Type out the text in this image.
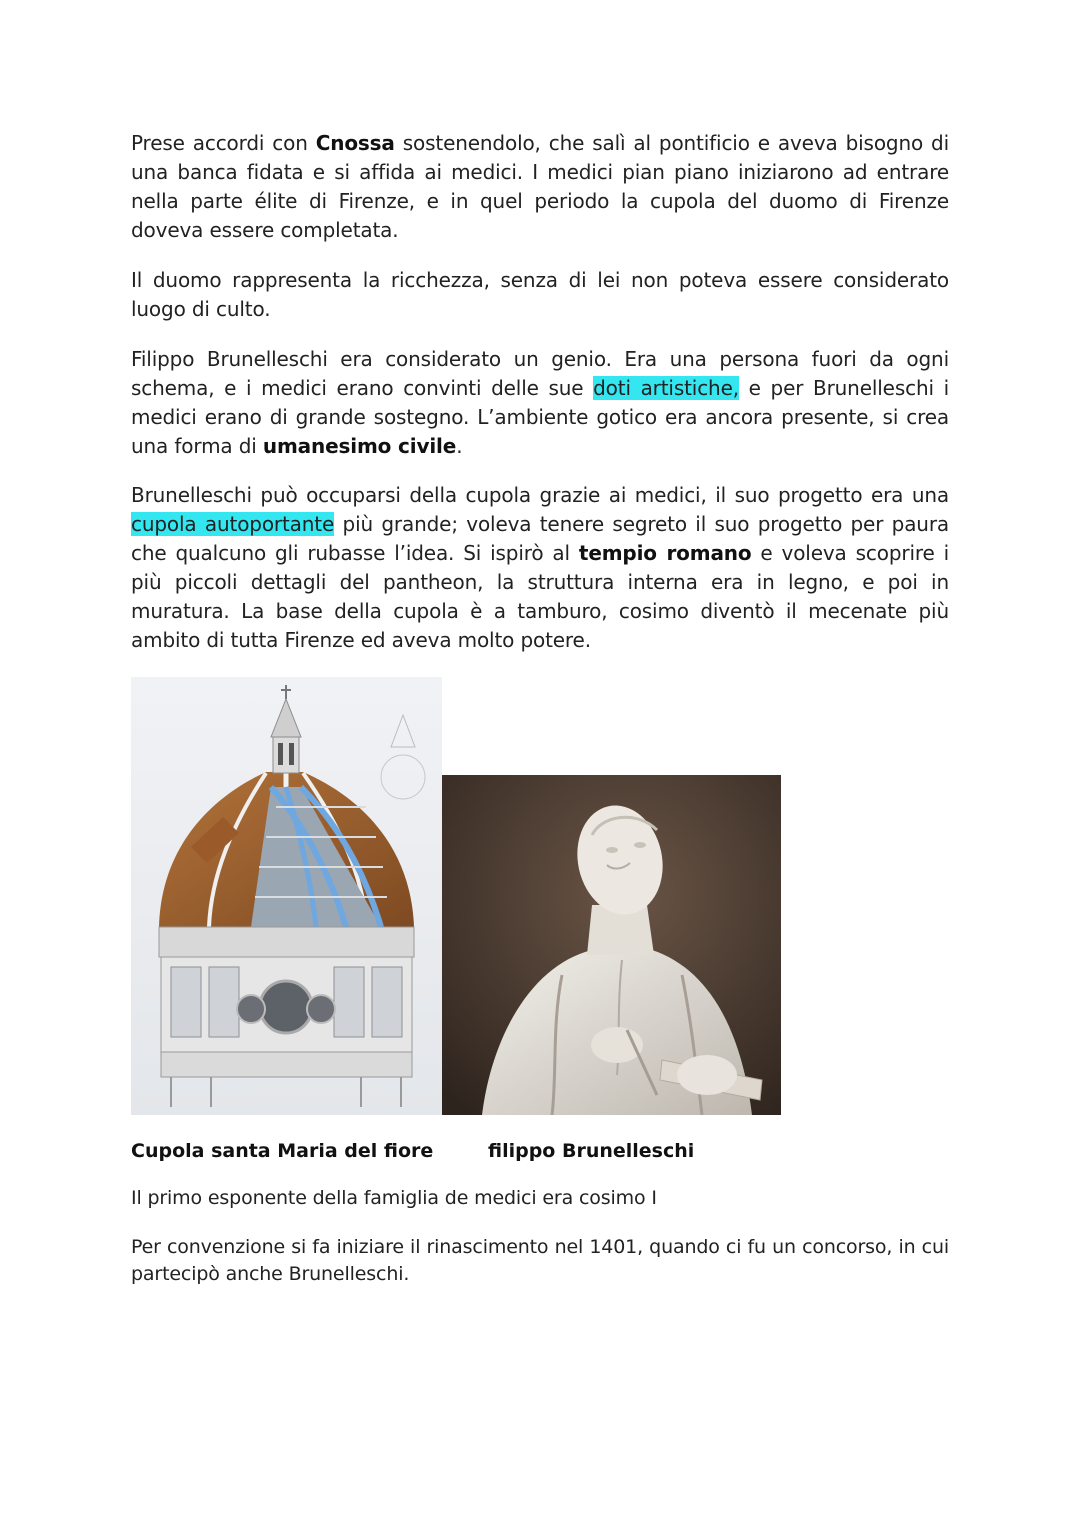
Prese accordi con Cnossa sostenendolo, che salì al pontificio e aveva bisogno di una banca fidata e si affida ai medici. I medici pian piano iniziarono ad entrare nella parte élite di Firenze, e in quel periodo la cupola del duomo di Firenze doveva essere completata.

Il duomo rappresenta la ricchezza, senza di lei non poteva essere considerato luogo di culto.

Filippo Brunelleschi era considerato un genio. Era una persona fuori da ogni schema, e i medici erano convinti delle sue doti artistiche, e per Brunelleschi i medici erano di grande sostegno. L’ambiente gotico era ancora presente, si crea una forma di umanesimo civile.

Brunelleschi può occuparsi della cupola grazie ai medici, il suo progetto era una cupola autoportante più grande; voleva tenere segreto il suo progetto per paura che qualcuno gli rubasse l’idea. Si ispirò al tempio romano e voleva scoprire i più piccoli dettagli del pantheon, la struttura interna era in legno, e poi in muratura. La base della cupola è a tamburo, cosimo diventò il mecenate più ambito di tutta Firenze ed aveva molto potere.

Cupola santa Maria del fiore	filippo Brunelleschi

Il primo esponente della famiglia de medici era cosimo I

Per convenzione si fa iniziare il rinascimento nel 1401, quando ci fu un concorso, in cui partecipò anche Brunelleschi.
